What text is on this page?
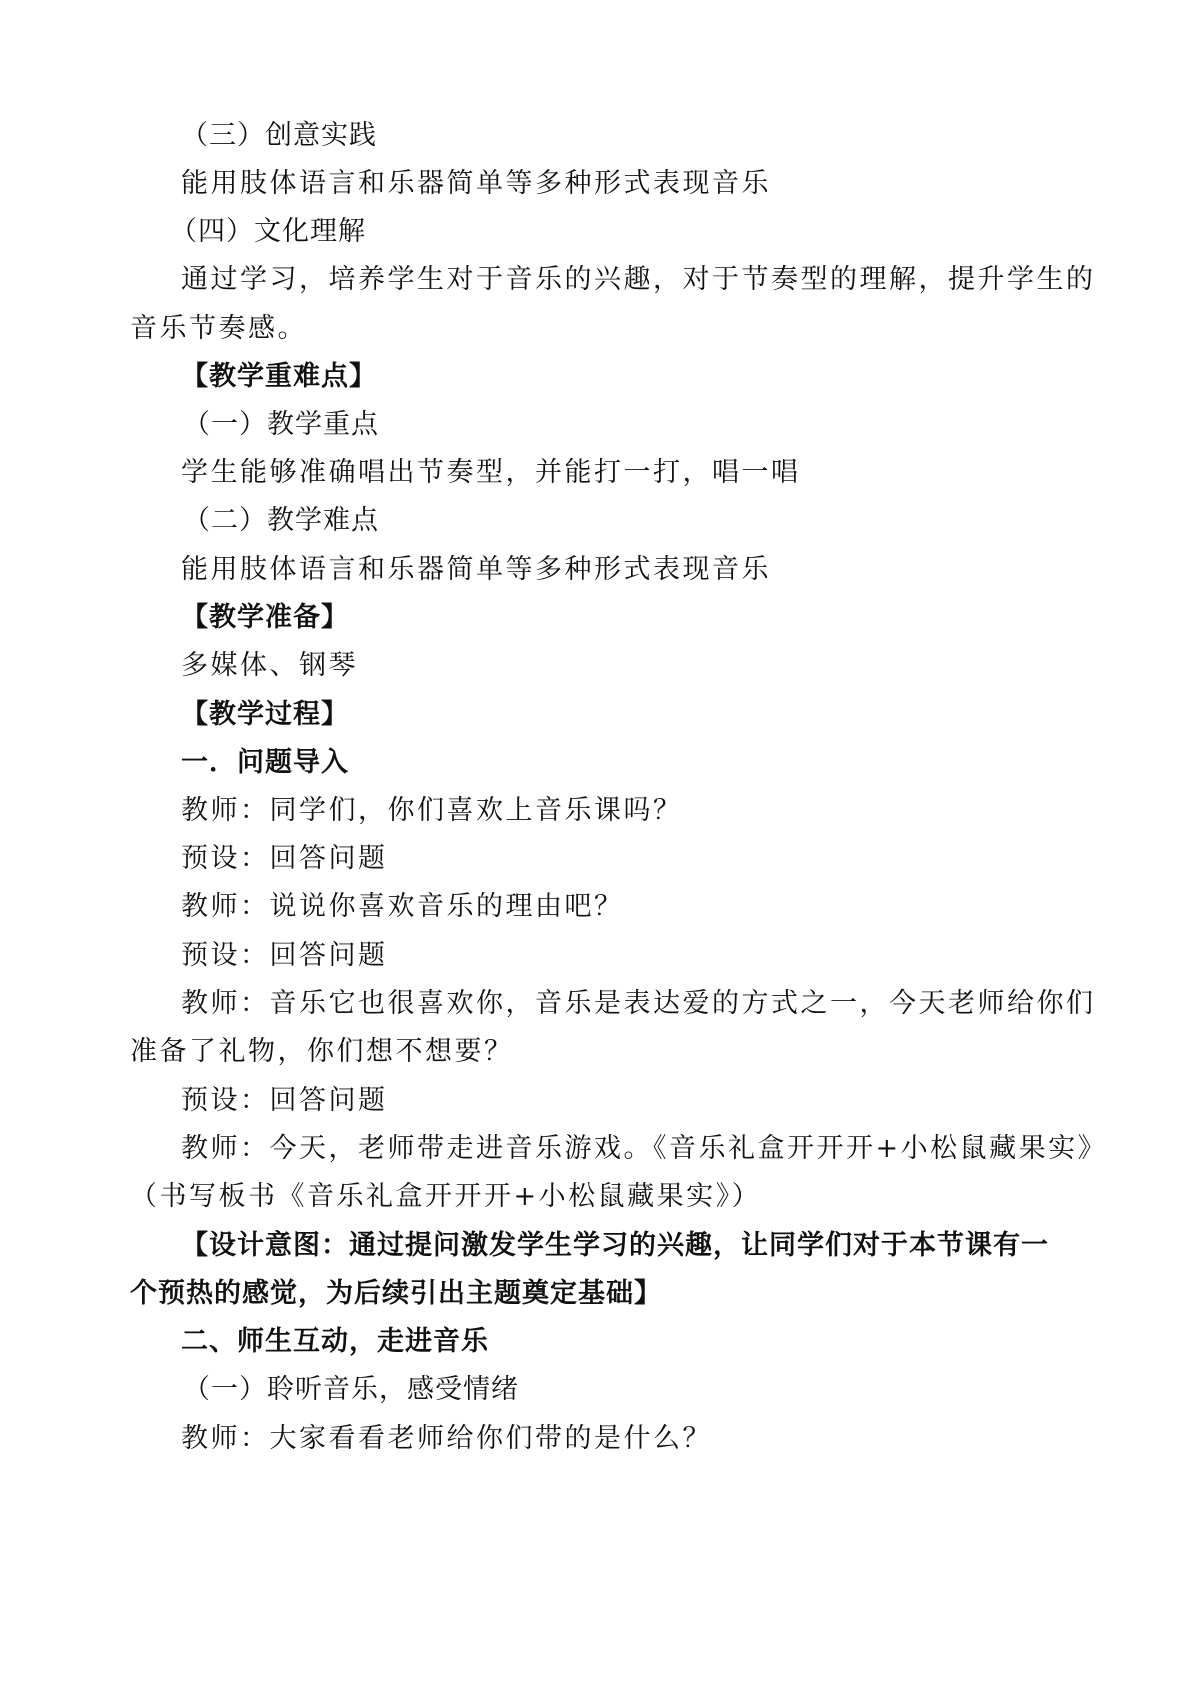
（三）创意实践
能用肢体语言和乐器简单等多种形式表现音乐
（四）文化理解
通过学习，培养学生对于音乐的兴趣，对于节奏型的理解，提升学生的
音乐节奏感。
【教学重难点】
（一）教学重点
学生能够准确唱出节奏型，并能打一打，唱一唱
（二）教学难点
能用肢体语言和乐器简单等多种形式表现音乐
【教学准备】
多媒体、钢琴
【教学过程】
一．问题导入
教师：同学们，你们喜欢上音乐课吗？
预设：回答问题
教师：说说你喜欢音乐的理由吧？
预设：回答问题
教师：音乐它也很喜欢你，音乐是表达爱的方式之一，今天老师给你们
准备了礼物，你们想不想要？
预设：回答问题
教师：今天，老师带走进音乐游戏。《音乐礼盒开开开+小松鼠藏果实》
（书写板书《音乐礼盒开开开+小松鼠藏果实》）
【设计意图：通过提问激发学生学习的兴趣，让同学们对于本节课有一
个预热的感觉，为后续引出主题奠定基础】
二、师生互动，走进音乐
（一）聆听音乐，感受情绪
教师：大家看看老师给你们带的是什么？
